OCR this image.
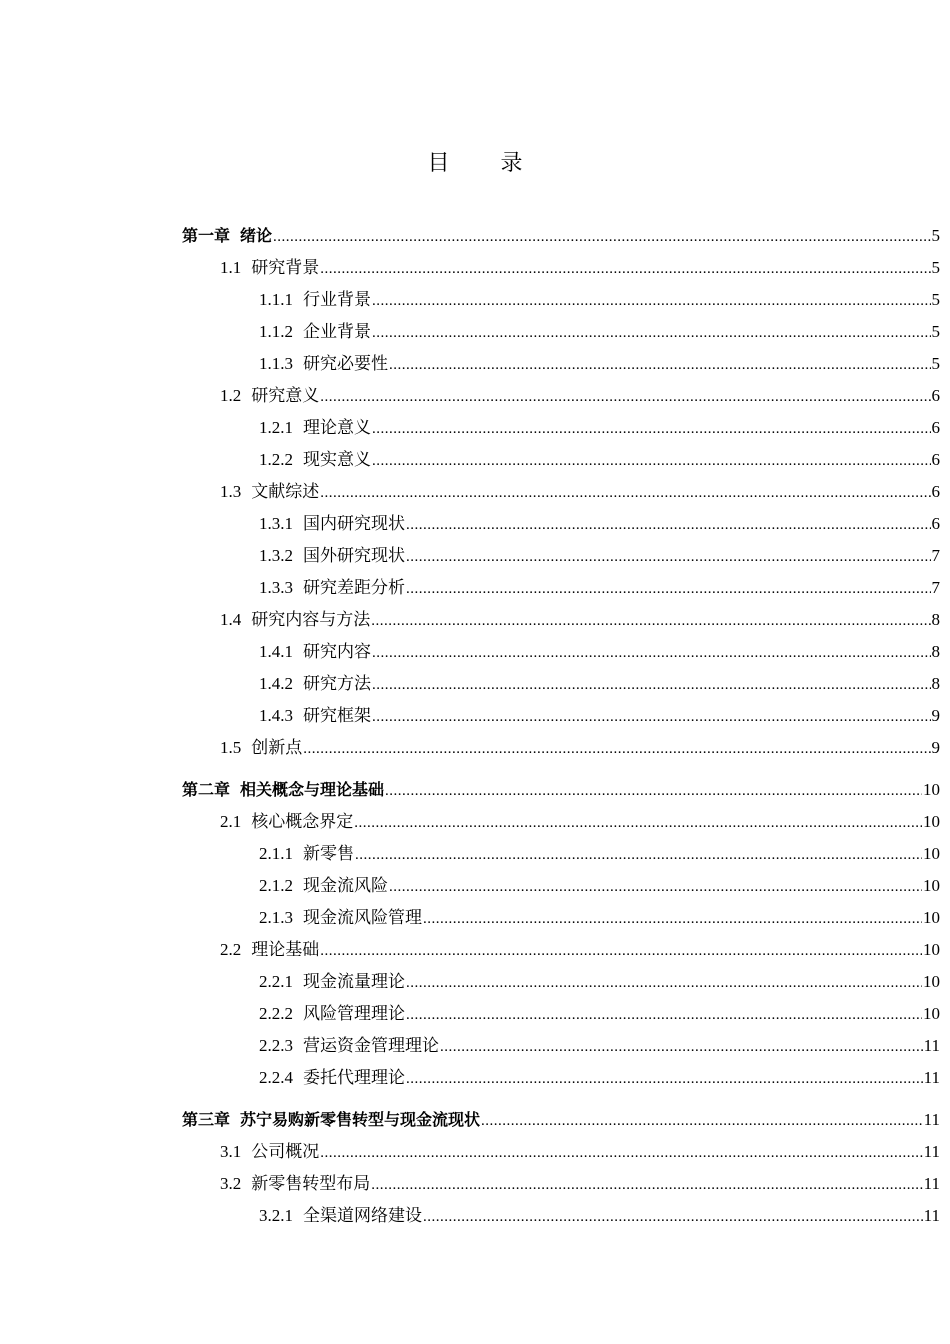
目 录
第一章 绪论 .....	5
1.1 研究背景 .....	5
1.1.1 行业背景 .....	5
1.1.2 企业背景 .....	5
1.1.3 研究必要性 .....	5
1.2 研究意义 .....	6
1.2.1 理论意义 .....	6
1.2.2 现实意义 .....	6
1.3 文献综述 .....	6
1.3.1 国内研究现状 .....	6
1.3.2 国外研究现状 .....	7
1.3.3 研究差距分析 .....	7
1.4 研究内容与方法 .....	8
1.4.1 研究内容 .....	8
1.4.2 研究方法 .....	8
1.4.3 研究框架 .....	9
1.5 创新点 .....	9
第二章 相关概念与理论基础 .....	10
2.1 核心概念界定 .....	10
2.1.1 新零售 .....	10
2.1.2 现金流风险 .....	10
2.1.3 现金流风险管理 .....	10
2.2 理论基础 .....	10
2.2.1 现金流量理论 .....	10
2.2.2 风险管理理论 .....	10
2.2.3 营运资金管理理论 .....	11
2.2.4 委托代理理论 .....	11
第三章 苏宁易购新零售转型与现金流现状 .....	11
3.1 公司概况 .....	11
3.2 新零售转型布局 .....	11
3.2.1 全渠道网络建设 .....	11
